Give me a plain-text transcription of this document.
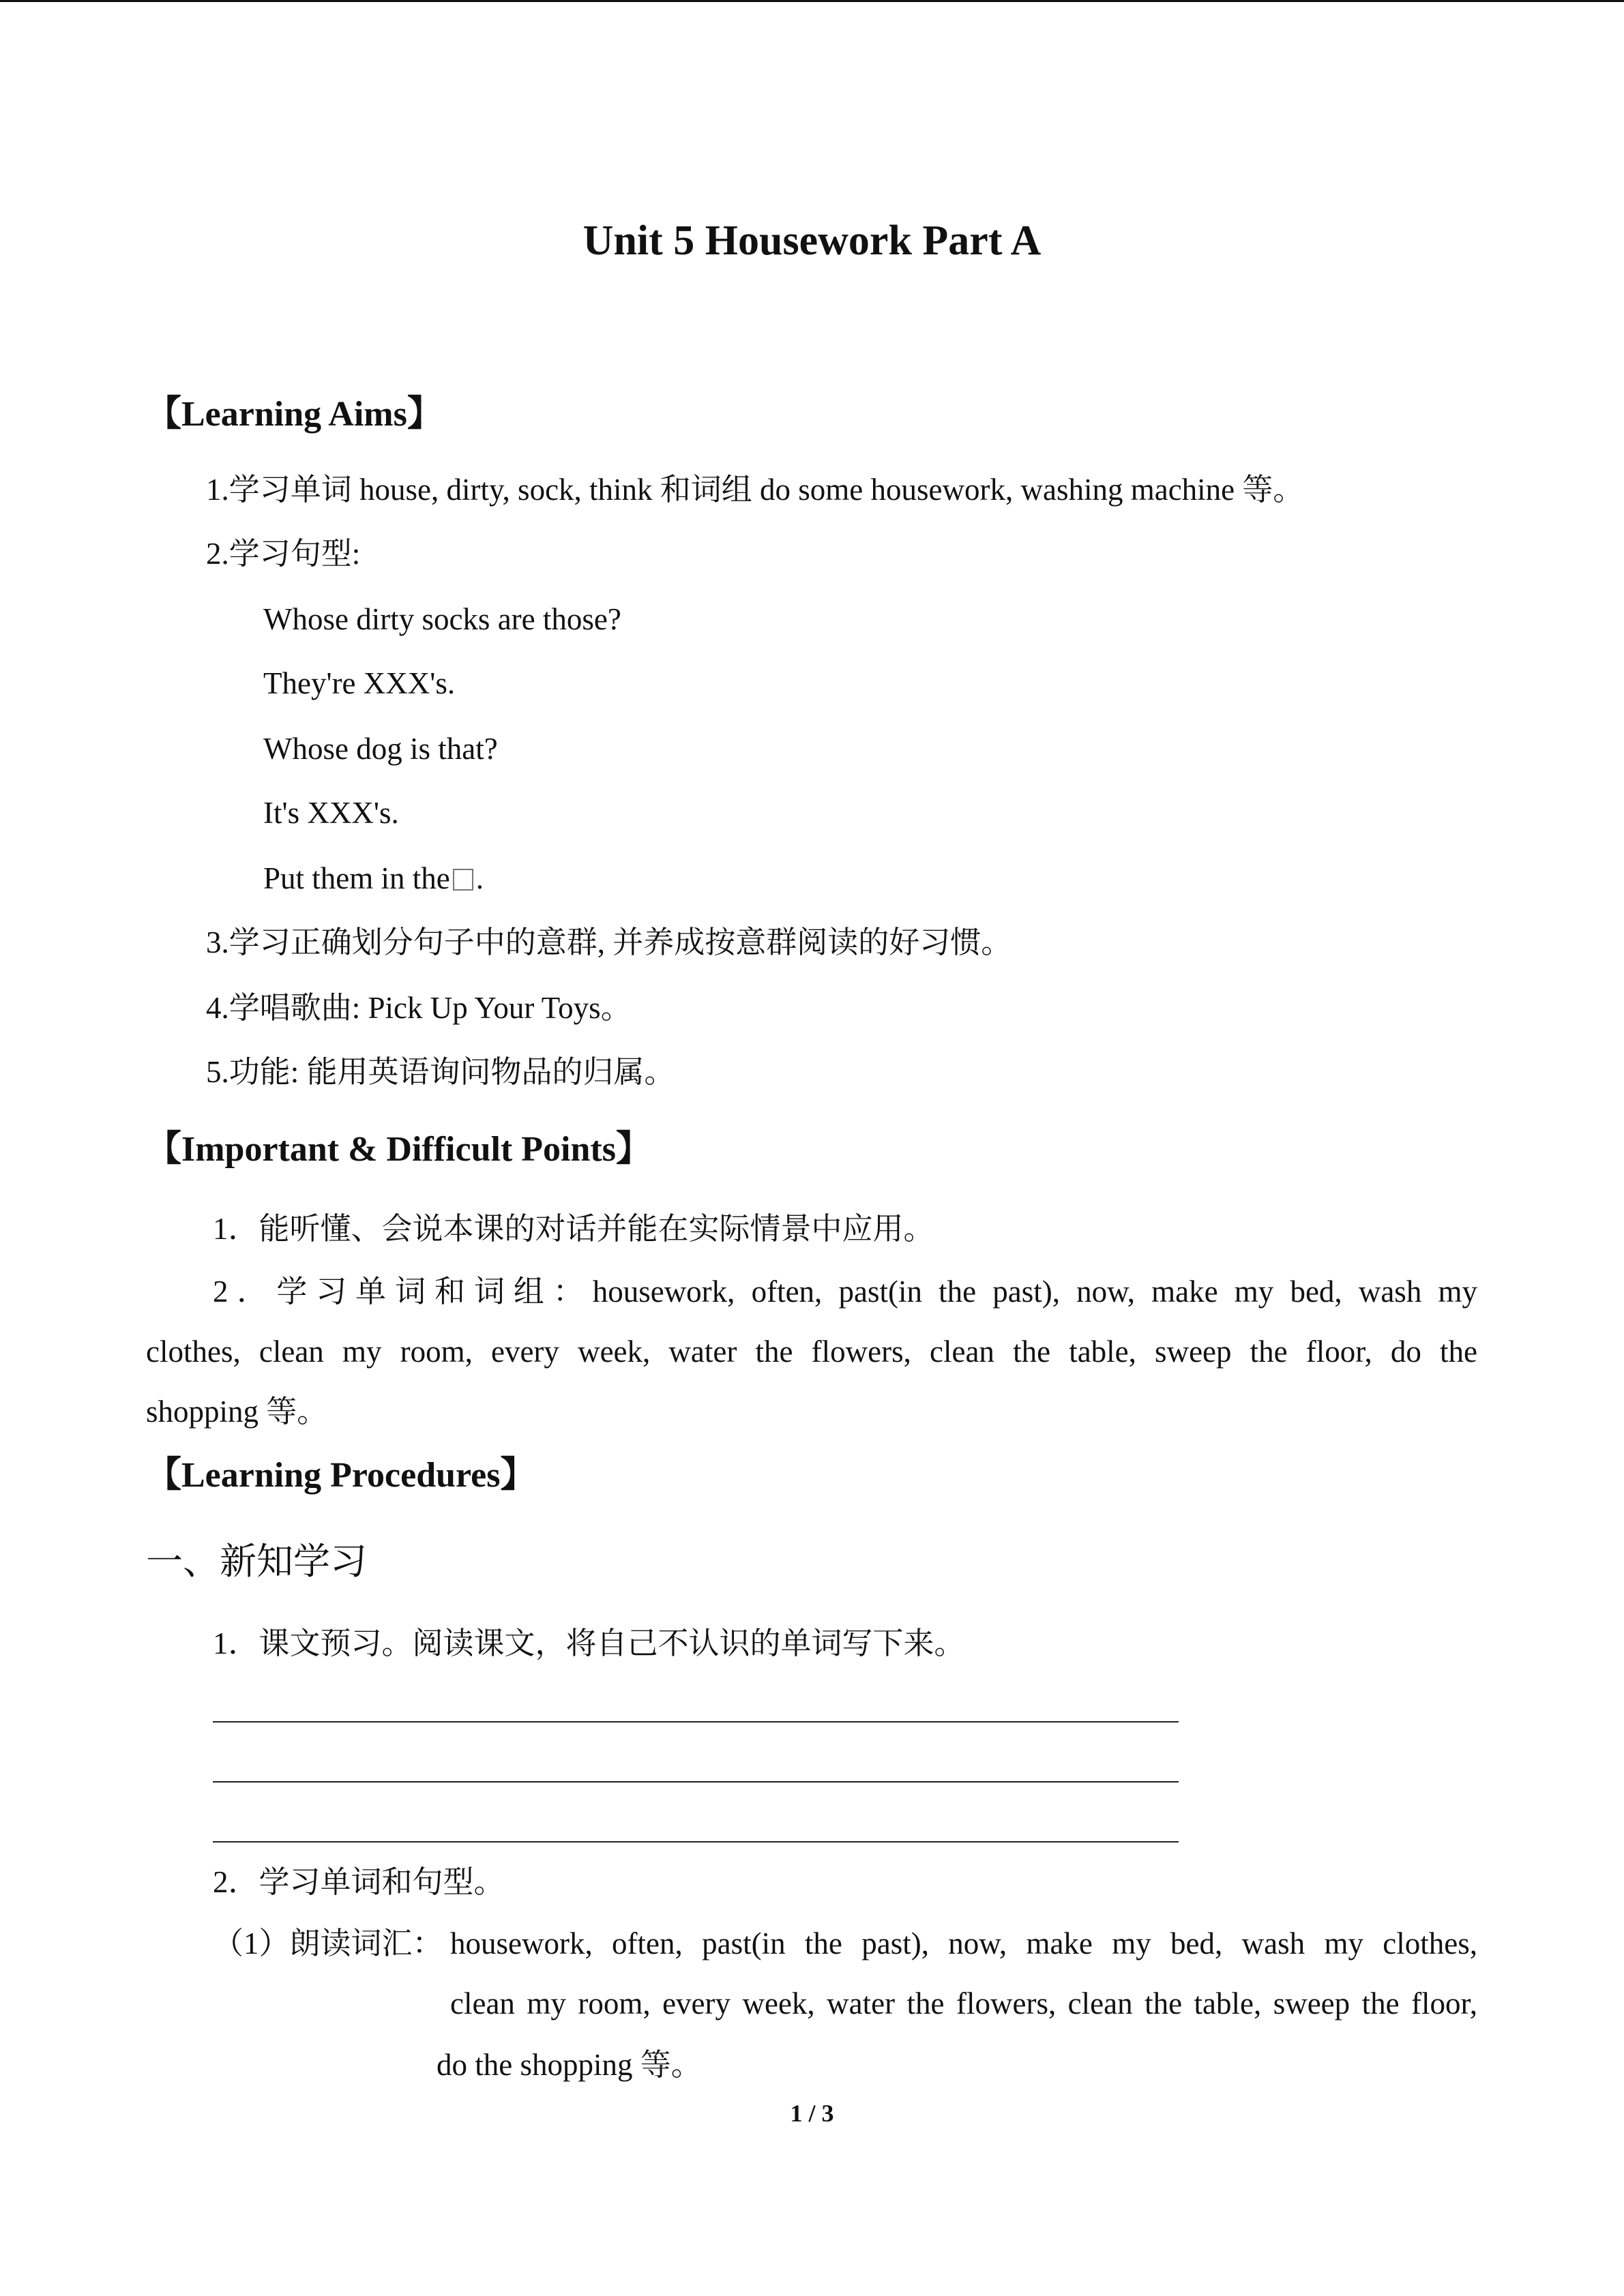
Unit 5 Housework Part A
【Learning Aims】
1.学习单词 house, dirty, sock, think 和词组 do some housework, washing machine 等。
2.学习句型:
Whose dirty socks are those?
They're XXX's.
Whose dog is that?
It's XXX's.
Put them in the .
3.学习正确划分句子中的意群, 并养成按意群阅读的好习惯。
4.学唱歌曲: Pick Up Your Toys。
5.功能: 能用英语询问物品的归属。
【Important & Difficult Points】
1．能听懂、会说本课的对话并能在实际情景中应用。
2．学习单词和词组：housework, often, past(in the past), now, make my bed, wash my
clothes, clean my room, every week, water the flowers, clean the table, sweep the floor, do the
shopping 等。
【Learning Procedures】
一、新知学习
1．课文预习。阅读课文，将自己不认识的单词写下来。
2．学习单词和句型。
（1）朗读词汇： housework, often, past(in the past), now, make my bed, wash my clothes,
clean my room, every week, water the flowers, clean the table, sweep the floor,
do the shopping 等。
1 / 3
